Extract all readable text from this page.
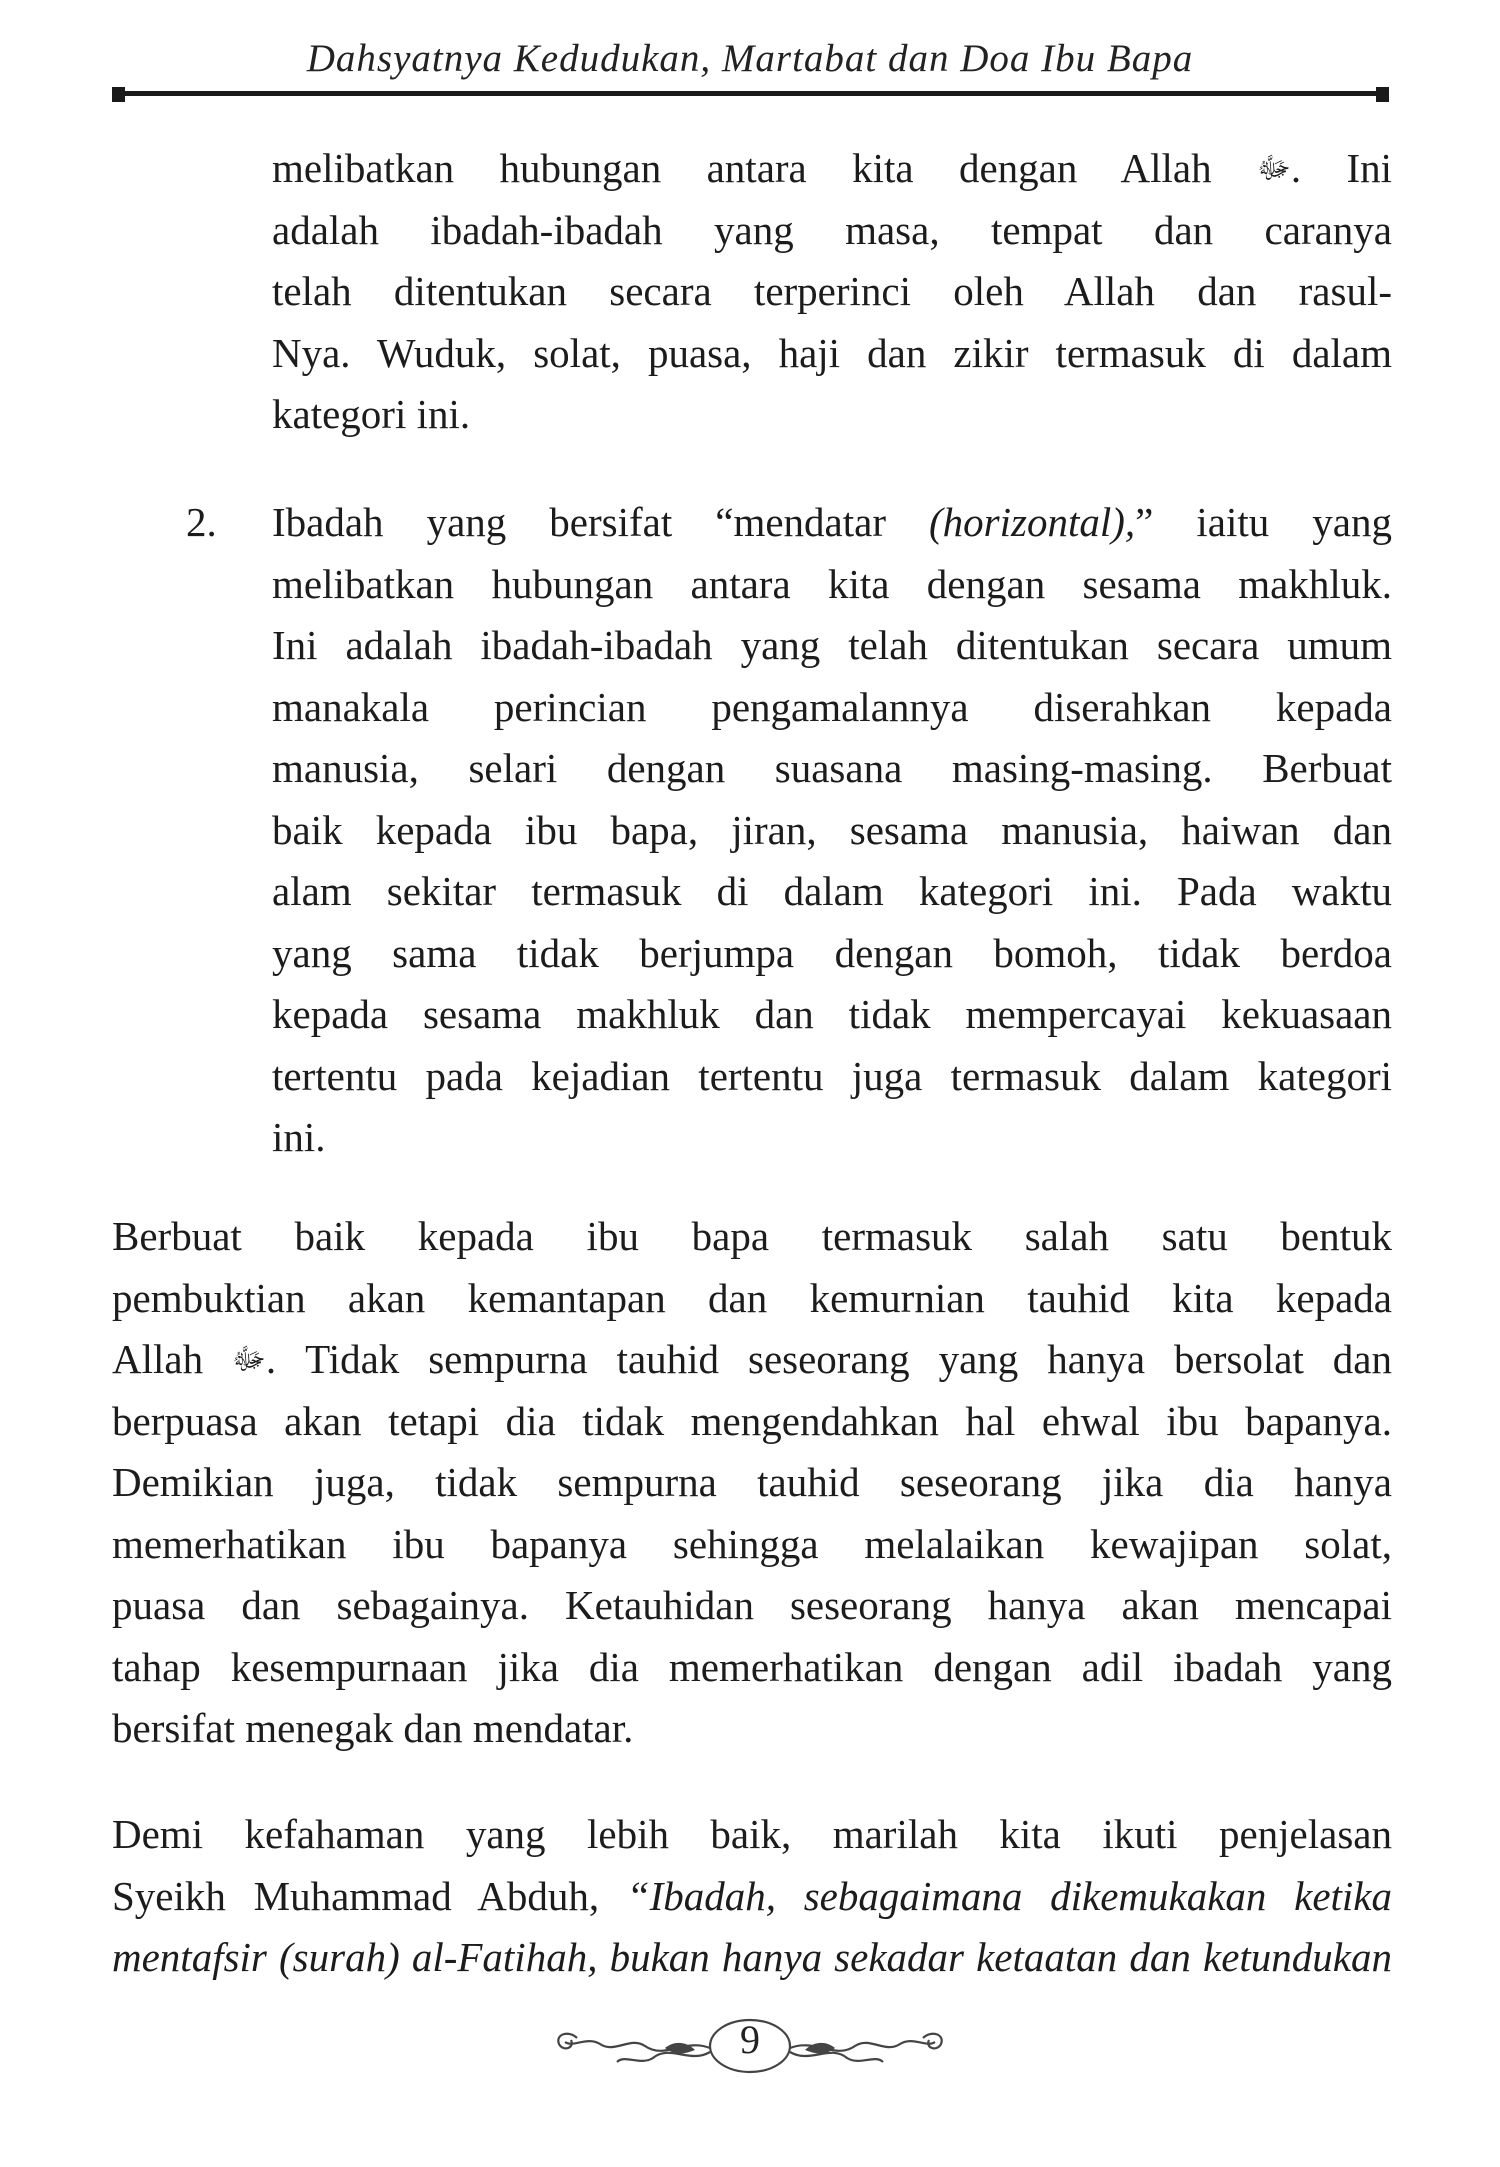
Dahsyatnya Kedudukan, Martabat dan Doa Ibu Bapa
melibatkan hubungan antara kita dengan Allah ﷻ. Ini
adalah ibadah-ibadah yang masa, tempat dan caranya
telah ditentukan secara terperinci oleh Allah dan rasul-
Nya. Wuduk, solat, puasa, haji dan zikir termasuk di dalam
kategori ini.
2. Ibadah yang bersifat “mendatar (horizontal),” iaitu yang
melibatkan hubungan antara kita dengan sesama makhluk.
Ini adalah ibadah-ibadah yang telah ditentukan secara umum
manakala perincian pengamalannya diserahkan kepada
manusia, selari dengan suasana masing-masing. Berbuat
baik kepada ibu bapa, jiran, sesama manusia, haiwan dan
alam sekitar termasuk di dalam kategori ini. Pada waktu
yang sama tidak berjumpa dengan bomoh, tidak berdoa
kepada sesama makhluk dan tidak mempercayai kekuasaan
tertentu pada kejadian tertentu juga termasuk dalam kategori
ini.
Berbuat baik kepada ibu bapa termasuk salah satu bentuk
pembuktian akan kemantapan dan kemurnian tauhid kita kepada
Allah ﷻ. Tidak sempurna tauhid seseorang yang hanya bersolat dan
berpuasa akan tetapi dia tidak mengendahkan hal ehwal ibu bapanya.
Demikian juga, tidak sempurna tauhid seseorang jika dia hanya
memerhatikan ibu bapanya sehingga melalaikan kewajipan solat,
puasa dan sebagainya. Ketauhidan seseorang hanya akan mencapai
tahap kesempurnaan jika dia memerhatikan dengan adil ibadah yang
bersifat menegak dan mendatar.
Demi kefahaman yang lebih baik, marilah kita ikuti penjelasan
Syeikh Muhammad Abduh, “Ibadah, sebagaimana dikemukakan ketika
mentafsir (surah) al-Fatihah, bukan hanya sekadar ketaatan dan ketundukan
9
